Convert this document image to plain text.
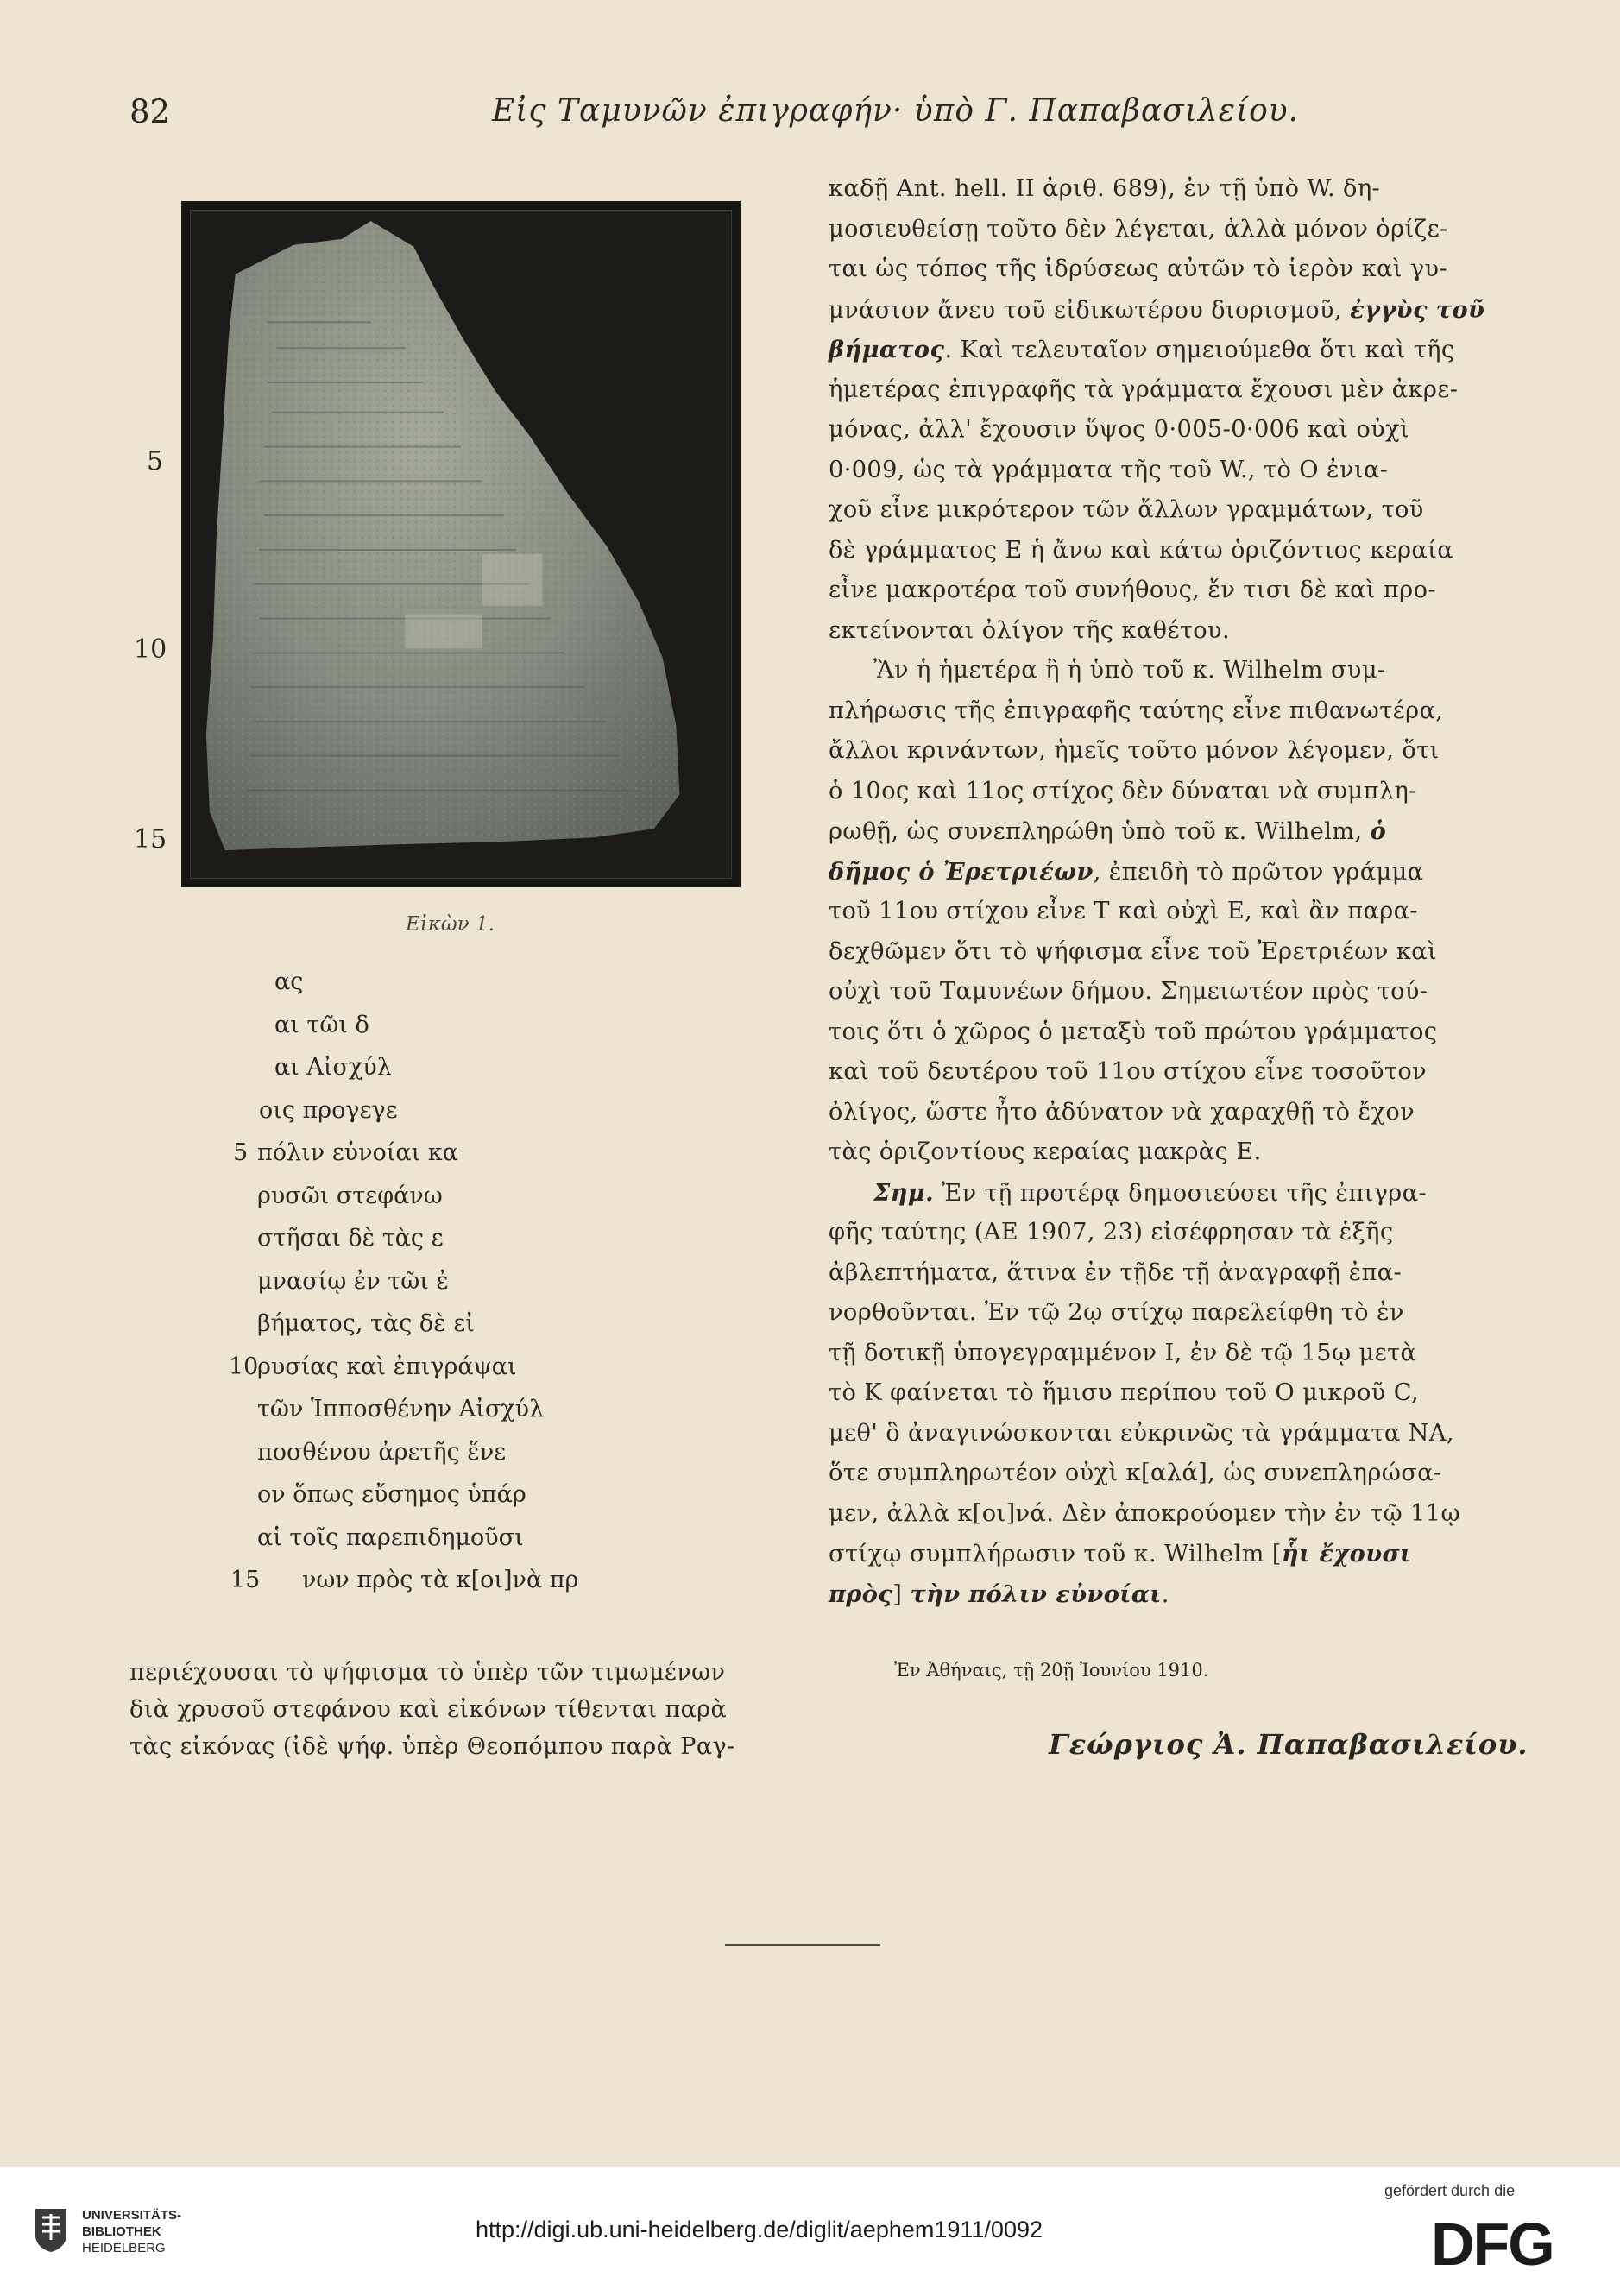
82	Εἰς Ταμυνῶν ἐπιγραφήν· ὑπὸ Γ. Παπαβασιλείου.
5
10
15
Εἰκὼν 1.
ας
αι τῶι δ
αι Αἰσχύλ
οις προγεγε
5 πόλιν εὐνοίαι κα
ρυσῶι στεφάνω
στῆσαι δὲ τὰς ε
μνασίῳ ἐν τῶι ἐ
βήματος, τὰς δὲ εἰ
10
ρυσίας καὶ ἐπιγράψαι
τῶν Ἱπποσθένην Αἰσχύλ
ποσθένου ἀρετῆς ἕνε
ον ὅπως εὔσημος ὑπάρ
αἱ τοῖς παρεπιδημοῦσι
15 νων πρὸς τὰ κ[οι]νὰ πρ
καδῇ Ant. hell. II ἀριθ. 689), ἐν τῇ ὑπὸ W. δη-
μοσιευθείσῃ τοῦτο δὲν λέγεται, ἀλλὰ μόνον ὁρίζε-
ται ὡς τόπος τῆς ἱδρύσεως αὐτῶν τὸ ἱερὸν καὶ γυ-
μνάσιον ἄνευ τοῦ εἰδικωτέρου διορισμοῦ, ἐγγὺς τοῦ
βήματος. Καὶ τελευταῖον σημειούμεθα ὅτι καὶ τῆς
ἡμετέρας ἐπιγραφῆς τὰ γράμματα ἔχουσι μὲν ἀκρε-
μόνας, ἀλλ' ἔχουσιν ὕψος 0·005-0·006 καὶ οὐχὶ
0·009, ὡς τὰ γράμματα τῆς τοῦ W., τὸ Ο ἐνια-
χοῦ εἶνε μικρότερον τῶν ἄλλων γραμμάτων, τοῦ
δὲ γράμματος Ε ἡ ἄνω καὶ κάτω ὁριζόντιος κεραία
εἶνε μακροτέρα τοῦ συνήθους, ἔν τισι δὲ καὶ προ-
εκτείνονται ὀλίγον τῆς καθέτου.
Ἂν ἡ ἡμετέρα ἢ ἡ ὑπὸ τοῦ κ. Wilhelm συμ-
πλήρωσις τῆς ἐπιγραφῆς ταύτης εἶνε πιθανωτέρα,
ἄλλοι κρινάντων, ἡμεῖς τοῦτο μόνον λέγομεν, ὅτι
ὁ 10ος καὶ 11ος στίχος δὲν δύναται νὰ συμπλη-
ρωθῇ, ὡς συνεπληρώθη ὑπὸ τοῦ κ. Wilhelm, ὁ
δῆμος ὁ Ἐρετριέων, ἐπειδὴ τὸ πρῶτον γράμμα
τοῦ 11ου στίχου εἶνε Τ καὶ οὐχὶ Ε, καὶ ἂν παρα-
δεχθῶμεν ὅτι τὸ ψήφισμα εἶνε τοῦ Ἐρετριέων καὶ
οὐχὶ τοῦ Ταμυνέων δήμου. Σημειωτέον πρὸς τού-
τοις ὅτι ὁ χῶρος ὁ μεταξὺ τοῦ πρώτου γράμματος
καὶ τοῦ δευτέρου τοῦ 11ου στίχου εἶνε τοσοῦτον
ὀλίγος, ὥστε ἦτο ἀδύνατον νὰ χαραχθῇ τὸ ἔχον
τὰς ὁριζοντίους κεραίας μακρὰς Ε.
Σημ. Ἐν τῇ προτέρᾳ δημοσιεύσει τῆς ἐπιγρα-
φῆς ταύτης (ΑΕ 1907, 23) εἰσέφρησαν τὰ ἑξῆς
ἀβλεπτήματα, ἅτινα ἐν τῇδε τῇ ἀναγραφῇ ἐπα-
νορθοῦνται. Ἐν τῷ 2ῳ στίχῳ παρελείφθη τὸ ἐν
τῇ δοτικῇ ὑπογεγραμμένον Ι, ἐν δὲ τῷ 15ῳ μετὰ
τὸ Κ φαίνεται τὸ ἥμισυ περίπου τοῦ Ο μικροῦ C,
μεθ' ὃ ἀναγινώσκονται εὐκρινῶς τὰ γράμματα ΝΑ,
ὅτε συμπληρωτέον οὐχὶ κ[αλά], ὡς συνεπληρώσα-
μεν, ἀλλὰ κ[οι]νά. Δὲν ἀποκρούομεν τὴν ἐν τῷ 11ῳ
στίχῳ συμπλήρωσιν τοῦ κ. Wilhelm [ἧι ἔχουσι
πρὸς] τὴν πόλιν εὐνοίαι.
περιέχουσαι τὸ ψήφισμα τὸ ὑπὲρ τῶν τιμωμένων
διὰ χρυσοῦ στεφάνου καὶ εἰκόνων τίθενται παρὰ
τὰς εἰκόνας (ἰδὲ ψήφ. ὑπὲρ Θεοπόμπου παρὰ Ραγ-
Ἐν Ἀθήναις, τῇ 20ῇ Ἰουνίου 1910.
Γεώργιος Ἀ. Παπαβασιλείου.
UNIVERSITÄTS-
BIBLIOTHEK
HEIDELBERG
http://digi.ub.uni-heidelberg.de/diglit/aephem1911/0092
gefördert durch die
DFG
